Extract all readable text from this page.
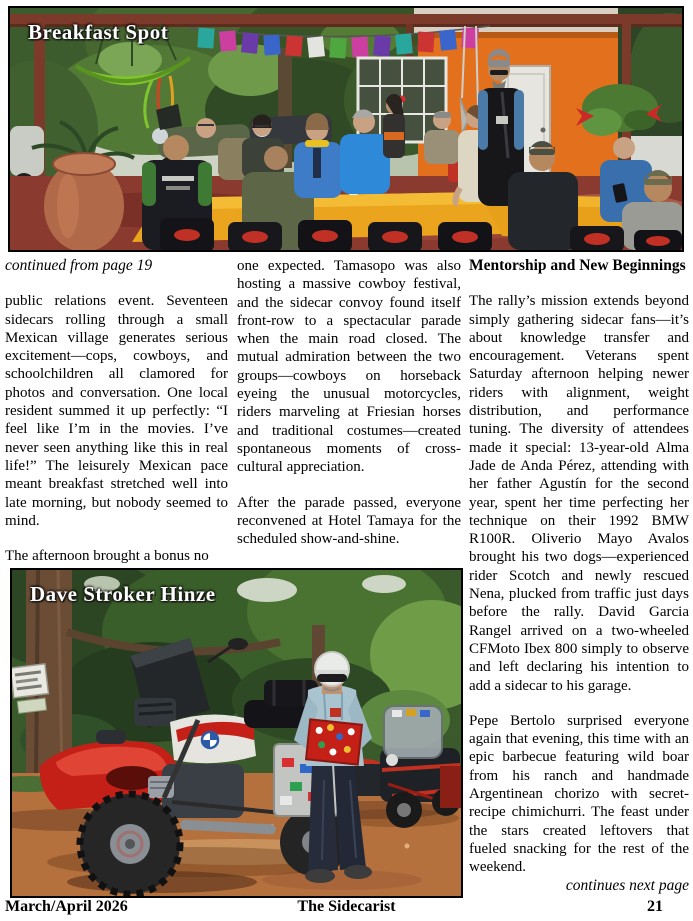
Breakfast Spot

continued from page 19

public relations event. Seventeen sidecars rolling through a small Mexican village generates serious excitement—cops, cowboys, and schoolchildren all clamored for photos and conversation. One local resident summed it up perfectly: “I feel like I’m in the movies. I’ve never seen anything like this in real life!” The leisurely Mexican pace meant breakfast stretched well into late morning, but nobody seemed to mind.

The afternoon brought a bonus no

one expected. Tamasopo was also hosting a massive cowboy festival, and the sidecar convoy found itself front-row to a spectacular parade when the main road closed. The mutual admiration between the two groups—cowboys on horseback eyeing the unusual motorcycles, riders marveling at Friesian horses and traditional costumes—created spontaneous moments of cross-cultural appreciation.

After the parade passed, everyone reconvened at Hotel Tamaya for the scheduled show-and-shine.

Mentorship and New Beginnings

The rally’s mission extends beyond simply gathering sidecar fans—it’s about knowledge transfer and encouragement. Veterans spent Saturday afternoon helping newer riders with alignment, weight distribution, and performance tuning. The diversity of attendees made it special: 13-year-old Alma Jade de Anda Pérez, attending with her father Agustín for the second year, spent her time perfecting her technique on their 1992 BMW R100R. Oliverio Mayo Avalos brought his two dogs—experienced rider Scotch and newly rescued Nena, plucked from traffic just days before the rally. David Garcia Rangel arrived on a two-wheeled CFMoto Ibex 800 simply to observe and left declaring his intention to add a sidecar to his garage.

Pepe Bertolo surprised everyone again that evening, this time with an epic barbecue featuring wild boar from his ranch and handmade Argentinean chorizo with secret-recipe chimichurri. The feast under the stars created leftovers that fueled snacking for the rest of the weekend.

continues next page

Dave Stroker Hinze
March/April 2026	The Sidecarist	21
